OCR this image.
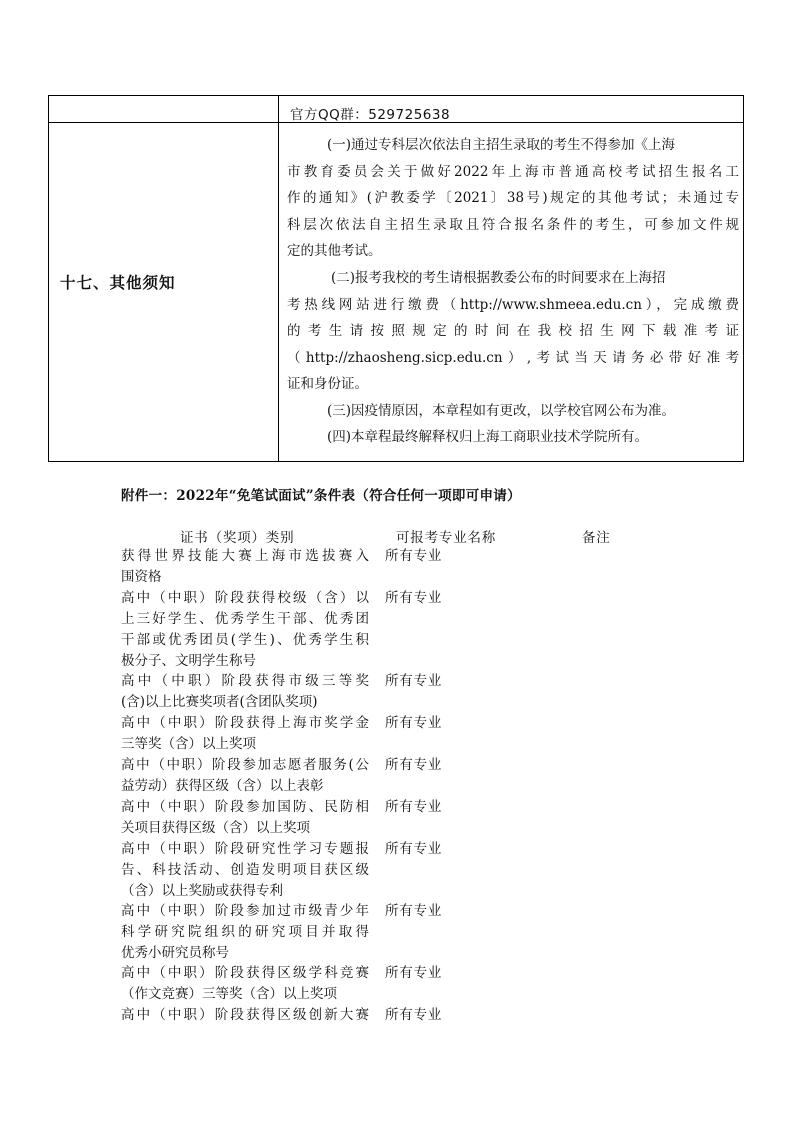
官方QQ群：529725638
十七、其他须知
(一)通过专科层次依法自主招生录取的考生不得参加《上海
市教育委员会关于做好2022年上海市普通高校考试招生报名工
作的通知》(沪教委学〔2021〕38号)规定的其他考试；未通过专
科层次依法自主招生录取且符合报名条件的考生，可参加文件规
定的其他考试。
(二)报考我校的考生请根据教委公布的时间要求在上海招
考热线网站进行缴费（http://www.shmeea.edu.cn），完成缴费
的考生请按照规定的时间在我校招生网下载准考证
（http://zhaosheng.sicp.edu.cn）,考试当天请务必带好准考
证和身份证。
(三)因疫情原因，本章程如有更改，以学校官网公布为准。
(四)本章程最终解释权归上海工商职业技术学院所有。
附件一：2022年“免笔试面试”条件表（符合任何一项即可申请）
证书（奖项）类别	可报考专业名称	备注
获得世界技能大赛上海市选拔赛入
围资格
所有专业
高中（中职）阶段获得校级（含）以
上三好学生、优秀学生干部、优秀团
干部或优秀团员(学生)、优秀学生积
极分子、文明学生称号
所有专业
高中（中职）阶段获得市级三等奖
(含)以上比赛奖项者(含团队奖项)
所有专业
高中（中职）阶段获得上海市奖学金
三等奖（含）以上奖项
所有专业
高中（中职）阶段参加志愿者服务(公
益劳动）获得区级（含）以上表彰
所有专业
高中（中职）阶段参加国防、民防相
关项目获得区级（含）以上奖项
所有专业
高中（中职）阶段研究性学习专题报
告、科技活动、创造发明项目获区级
（含）以上奖励或获得专利
所有专业
高中（中职）阶段参加过市级青少年
科学研究院组织的研究项目并取得
优秀小研究员称号
所有专业
高中（中职）阶段获得区级学科竞赛
（作文竞赛）三等奖（含）以上奖项
所有专业
高中（中职）阶段获得区级创新大赛 所有专业
